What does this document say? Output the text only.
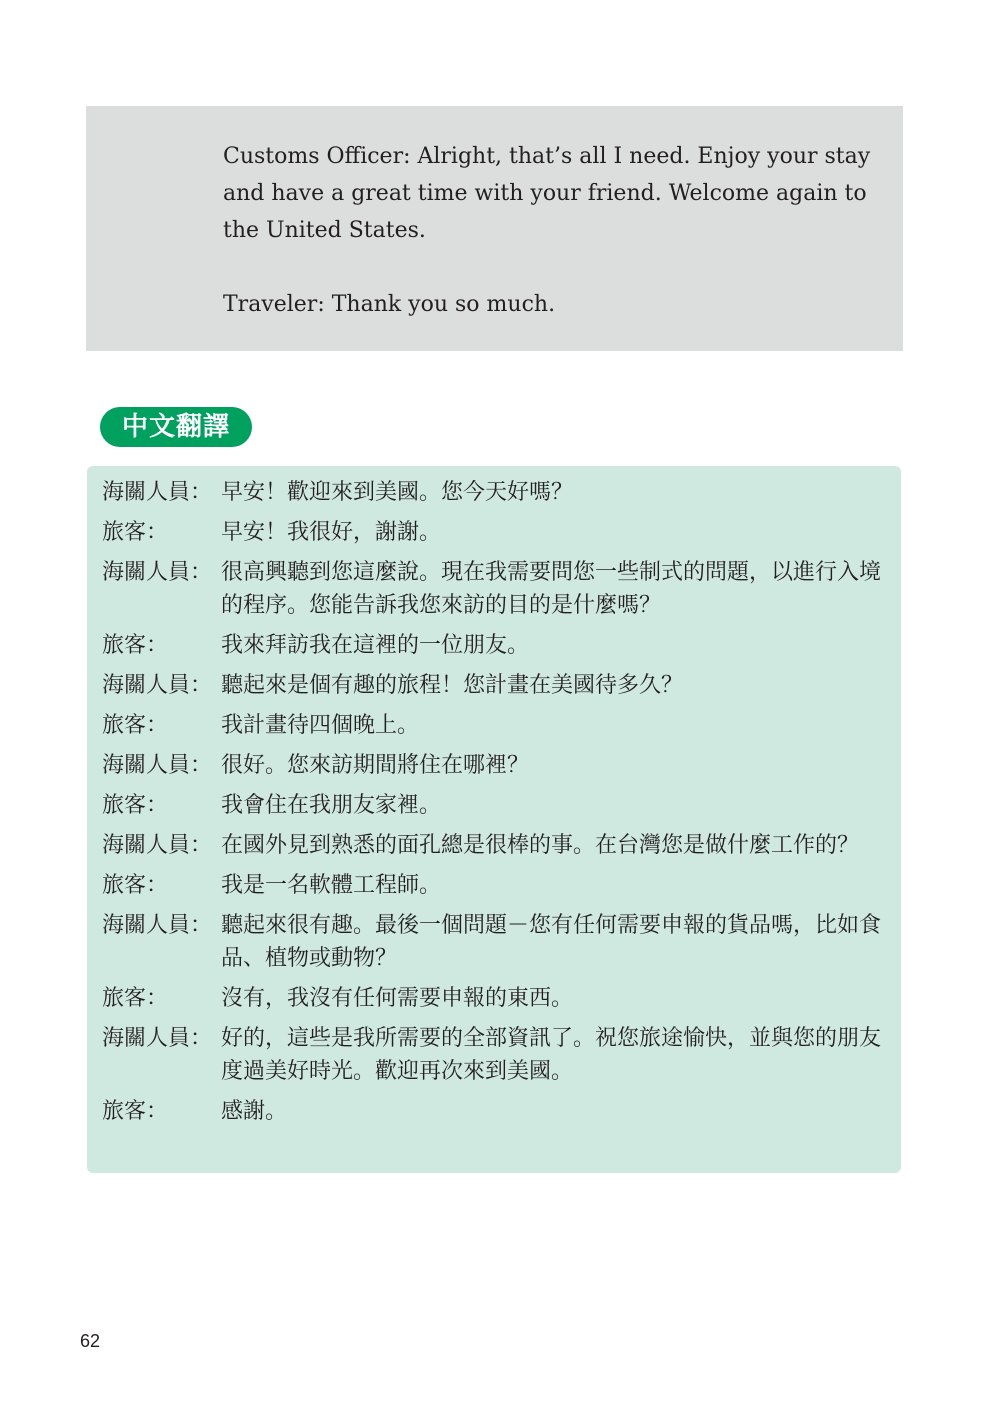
Customs Officer: Alright, that’s all I need. Enjoy your stay and have a great time with your friend. Welcome again to the United States.

Traveler: Thank you so much.

中文翻譯
海關人員： 早安！歡迎來到美國。您今天好嗎？
旅客：	早安！我很好，謝謝。
海關人員： 很高興聽到您這麼說。現在我需要問您一些制式的問題，以進行入境的程序。您能告訴我您來訪的目的是什麼嗎？
旅客：	我來拜訪我在這裡的一位朋友。
海關人員： 聽起來是個有趣的旅程！您計畫在美國待多久？
旅客：	我計畫待四個晚上。
海關人員： 很好。您來訪期間將住在哪裡？
旅客：	我會住在我朋友家裡。
海關人員： 在國外見到熟悉的面孔總是很棒的事。在台灣您是做什麼工作的？
旅客：	我是一名軟體工程師。
海關人員： 聽起來很有趣。最後一個問題－您有任何需要申報的貨品嗎，比如食品、植物或動物？
旅客：	沒有，我沒有任何需要申報的東西。
海關人員： 好的，這些是我所需要的全部資訊了。祝您旅途愉快，並與您的朋友度過美好時光。歡迎再次來到美國。
旅客：	感謝。
62
